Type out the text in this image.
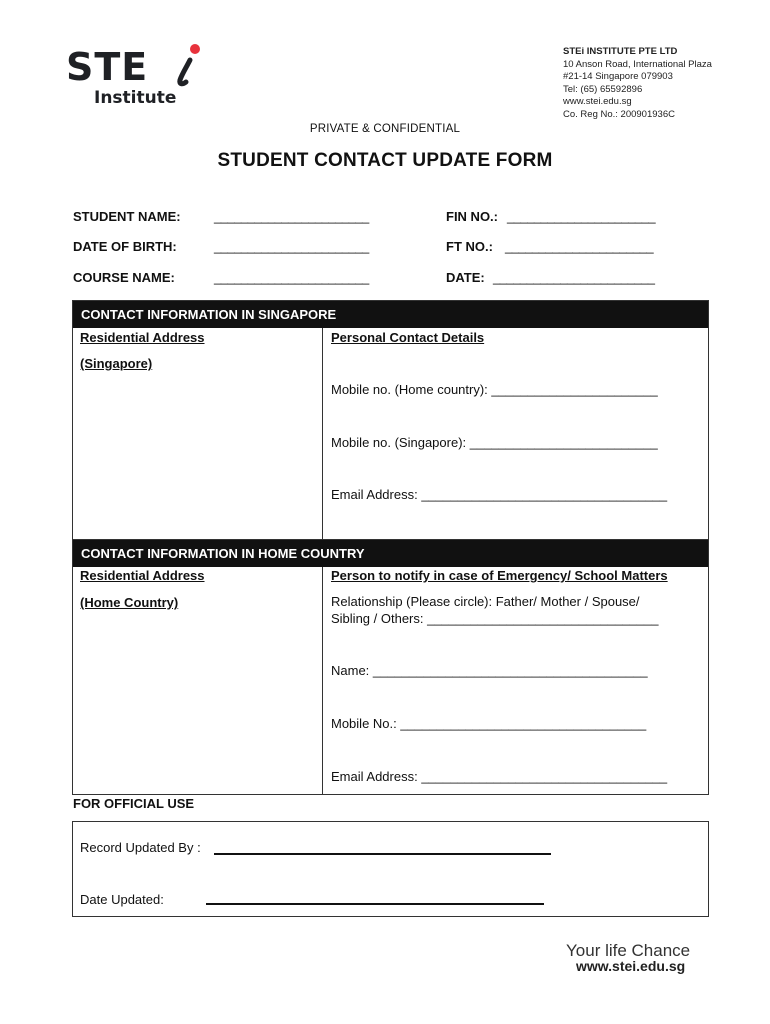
STE
Institute
STEi INSTITUTE PTE LTD
10 Anson Road, International Plaza
#21-14 Singapore 079903
Tel: (65) 65592896
www.stei.edu.sg
Co. Reg No.: 200901936C
PRIVATE & CONFIDENTIAL
STUDENT CONTACT UPDATE FORM
STUDENT NAME:	_______________________	FIN NO.: ______________________
DATE OF BIRTH:	_______________________	FT NO.: ______________________
COURSE NAME:	_______________________	DATE: ________________________
CONTACT INFORMATION IN SINGAPORE
Residential Address
(Singapore)
Personal Contact Details
Mobile no. (Home country): _______________________
Mobile no. (Singapore): __________________________
Email Address: __________________________________
CONTACT INFORMATION IN HOME COUNTRY
Residential Address
(Home Country)
Person to notify in case of Emergency/ School Matters
Relationship (Please circle): Father/ Mother / Spouse/
Sibling / Others: ________________________________
Name: ______________________________________
Mobile No.: __________________________________
Email Address: __________________________________
FOR OFFICIAL USE
Record Updated By :
Date Updated:
Your life Chance
www.stei.edu.sg
